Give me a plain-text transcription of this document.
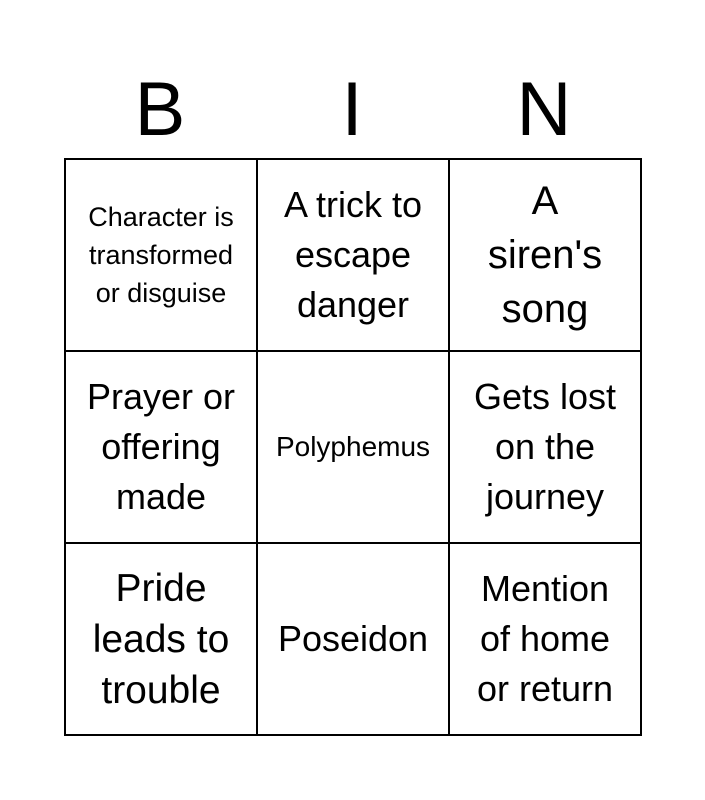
B	I	N
Character is
transformed
or disguise
A trick to
escape
danger
A
siren's
song
Prayer or
offering
made
Polyphemus
Gets lost
on the
journey
Pride
leads to
trouble
Poseidon
Mention
of home
or return
